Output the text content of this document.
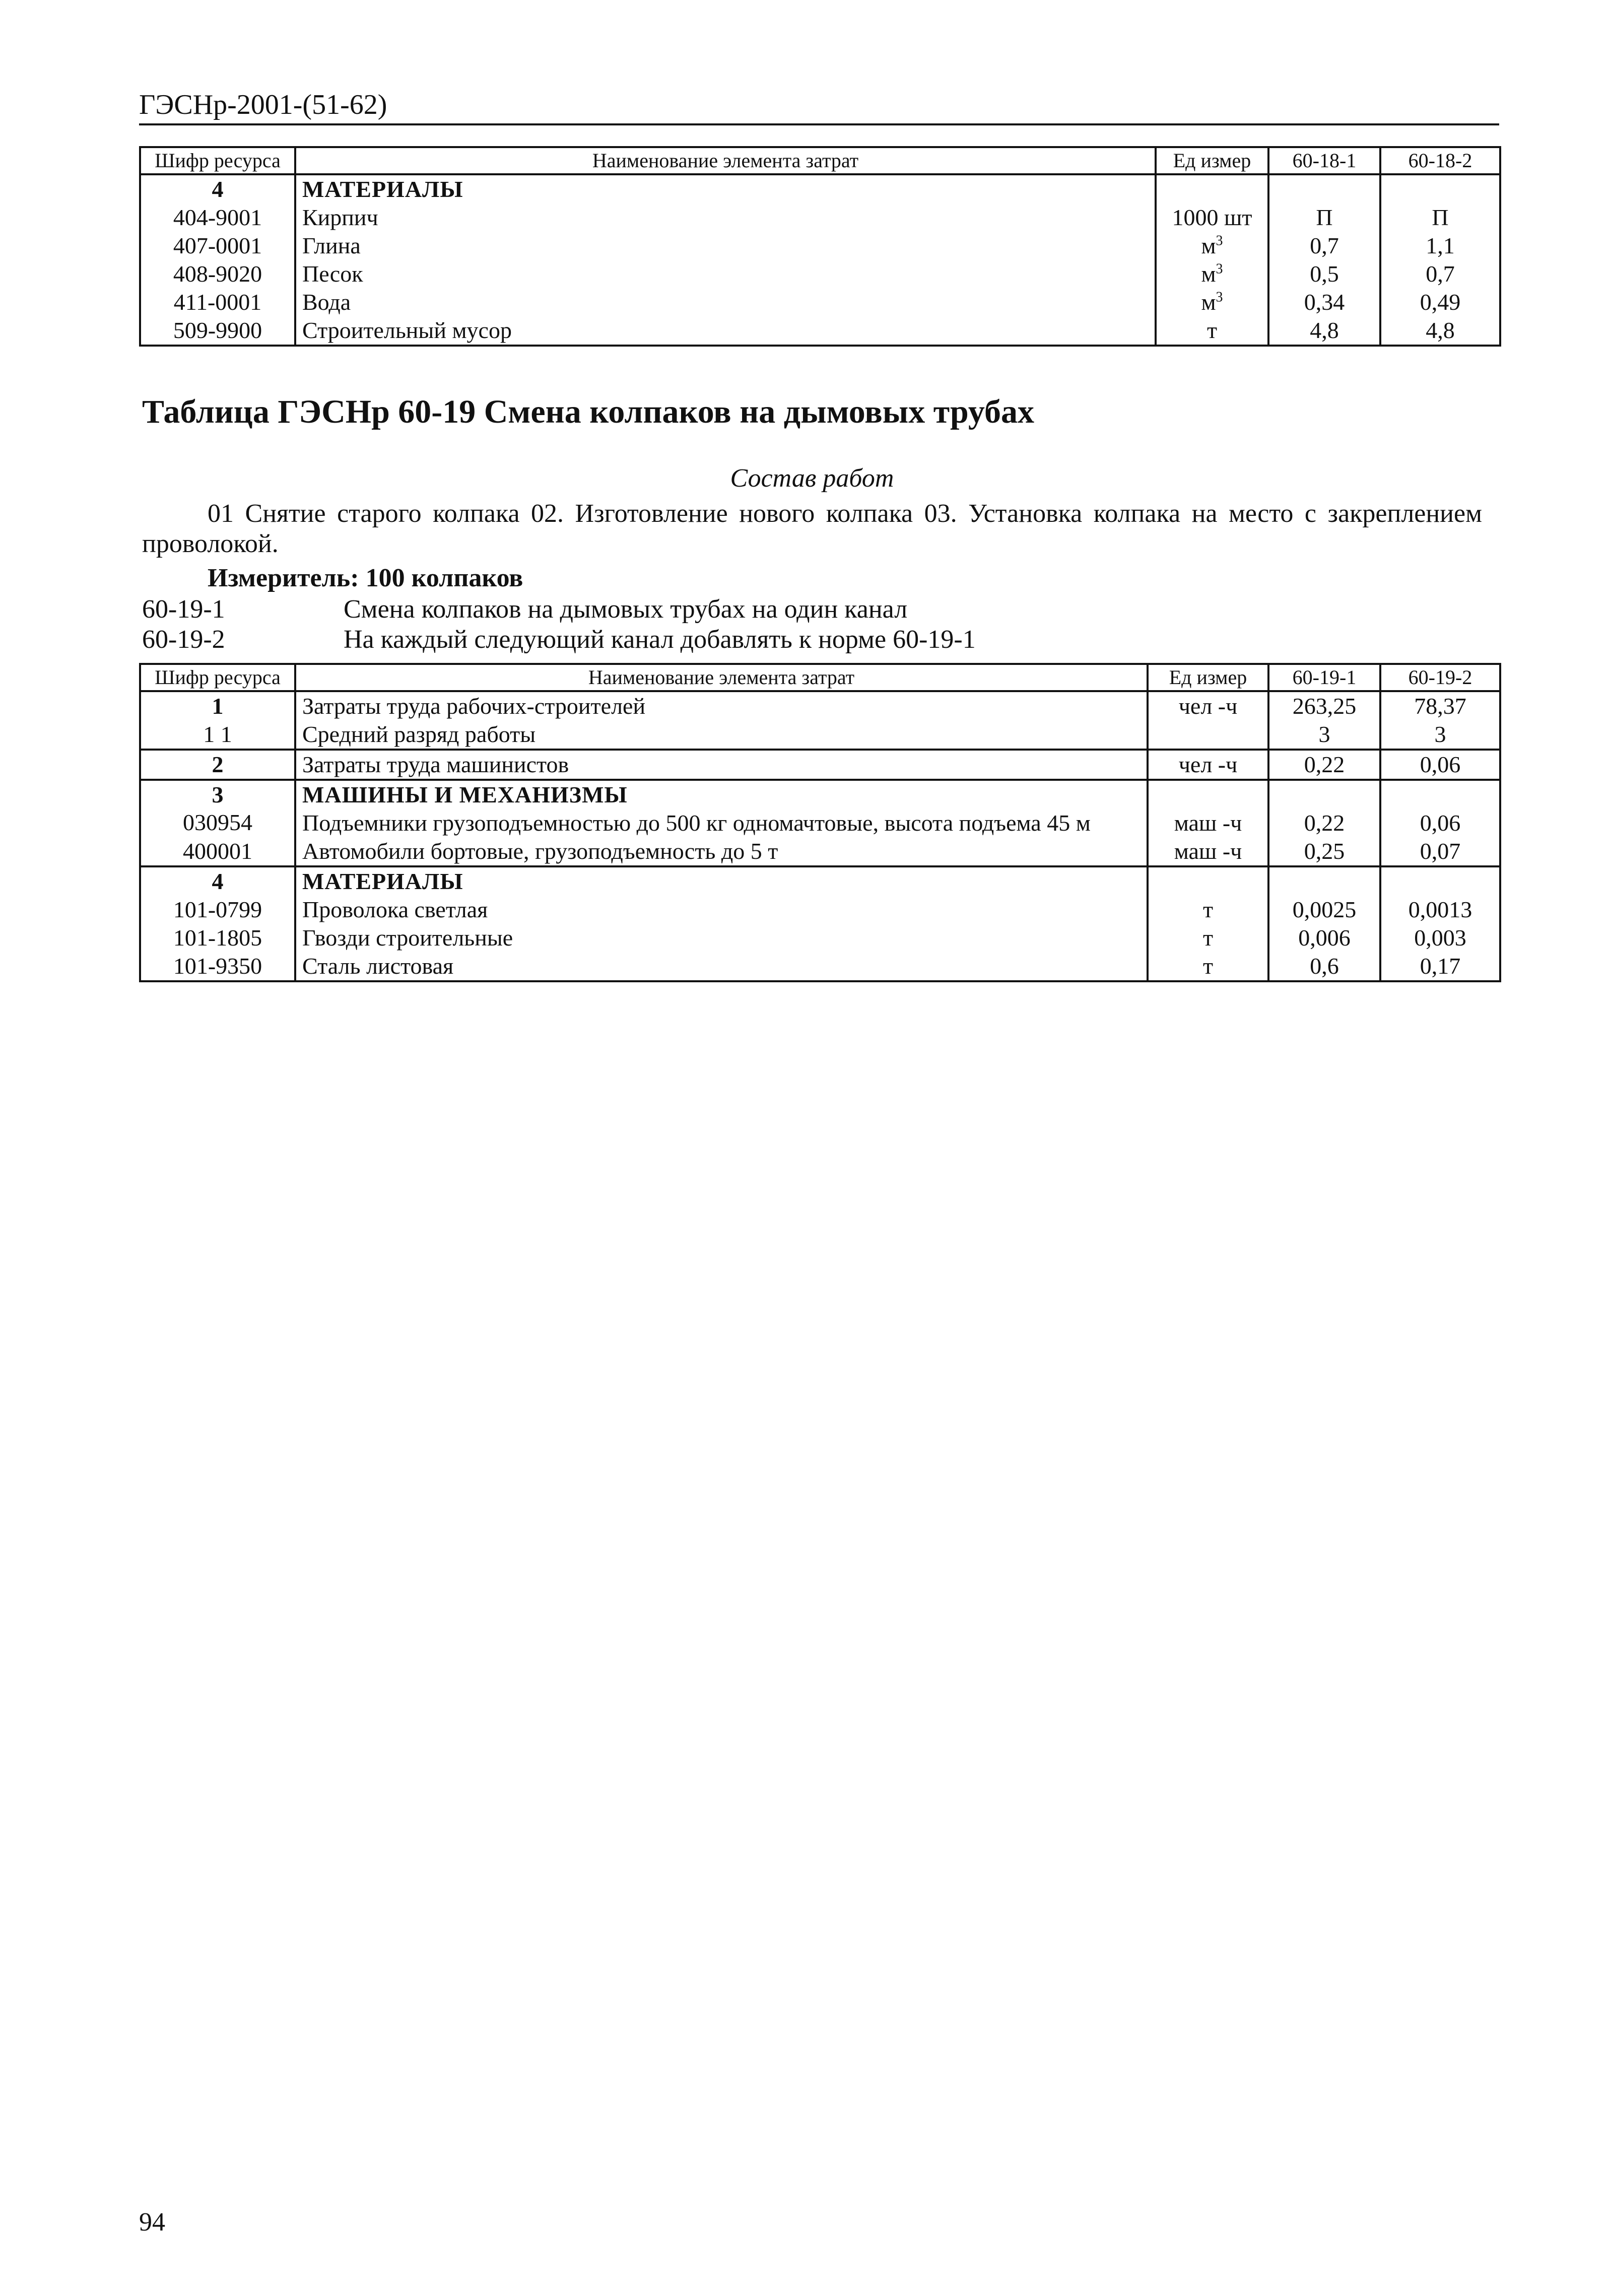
ГЭСНр-2001-(51-62)
Шифр ресурса	Наименование элемента затрат	Ед измер	60-18-1	60-18-2
4	МАТЕРИАЛЫ			
404-9001	Кирпич	1000 шт	П	П
407-0001	Глина	$м^3$	0,7	1,1
408-9020	Песок	$м^3$	0,5	0,7
411-0001	Вода	$м^3$	0,34	0,49
509-9900	Строительный мусор	т	4,8	4,8
Таблица ГЭСНр 60-19 Смена колпаков на дымовых трубах
Состав работ
01 Снятие старого колпака 02. Изготовление нового колпака 03. Установка колпака на место с закреплением проволокой.
Измеритель: 100 колпаков
60-19-1	Смена колпаков на дымовых трубах на один канал
60-19-2	На каждый следующий канал добавлять к норме 60-19-1
Шифр ресурса	Наименование элемента затрат	Ед измер	60-19-1	60-19-2
1	Затраты труда рабочих-строителей	чел -ч	263,25	78,37
1 1	Средний разряд работы		3	3
2	Затраты труда машинистов	чел -ч	0,22	0,06
3	МАШИНЫ И МЕХАНИЗМЫ			
030954	Подъемники грузоподъемностью до 500 кг одномачтовые, высота подъема 45 м	маш -ч	0,22	0,06
400001	Автомобили бортовые, грузоподъемность до 5 т	маш -ч	0,25	0,07
4	МАТЕРИАЛЫ			
101-0799	Проволока светлая	т	0,0025	0,0013
101-1805	Гвозди строительные	т	0,006	0,003
101-9350	Сталь листовая	т	0,6	0,17
94
